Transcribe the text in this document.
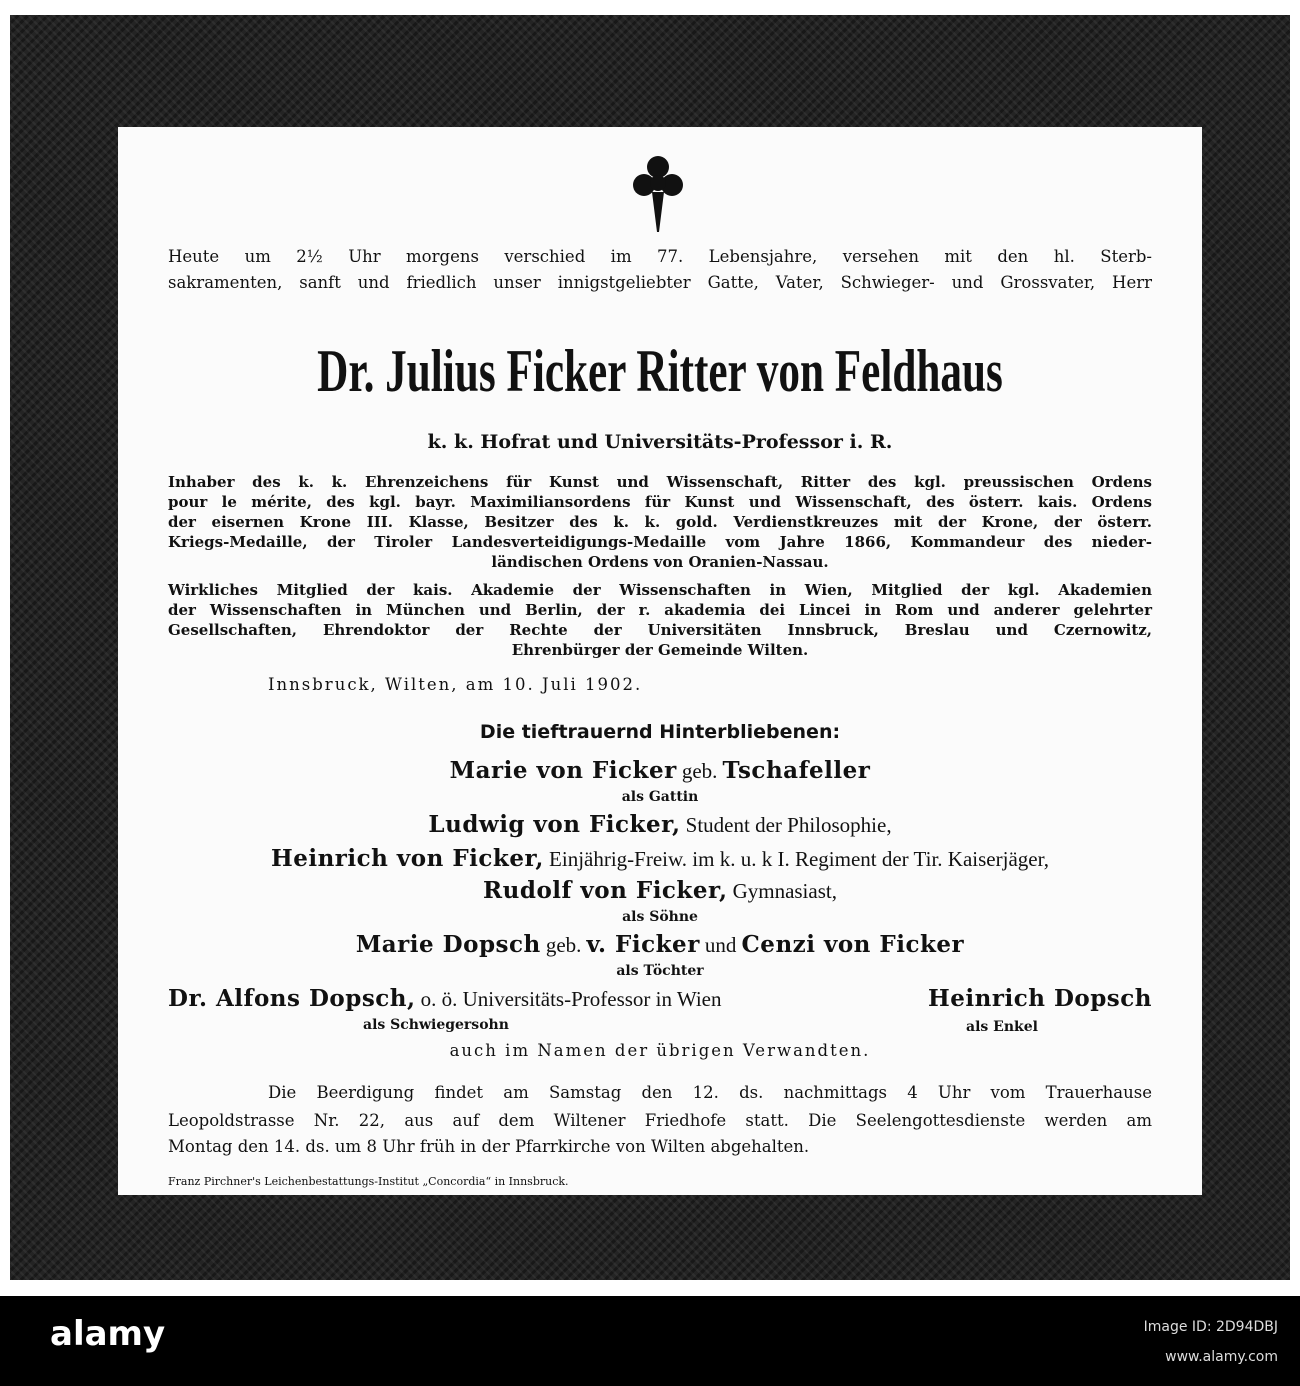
Heute um 2½ Uhr morgens verschied im 77. Lebensjahre, versehen mit den hl. Sterb-
sakramenten, sanft und friedlich unser innigstgeliebter Gatte, Vater, Schwieger- und Grossvater, Herr
Dr. Julius Ficker Ritter von Feldhaus
k. k. Hofrat und Universitäts-Professor i. R.
Inhaber des k. k. Ehrenzeichens für Kunst und Wissenschaft, Ritter des kgl. preussischen Ordens
pour le mérite, des kgl. bayr. Maximiliansordens für Kunst und Wissenschaft, des österr. kais. Ordens
der eisernen Krone III. Klasse, Besitzer des k. k. gold. Verdienstkreuzes mit der Krone, der österr.
Kriegs-Medaille, der Tiroler Landesverteidigungs-Medaille vom Jahre 1866, Kommandeur des nieder-
ländischen Ordens von Oranien-Nassau.
Wirkliches Mitglied der kais. Akademie der Wissenschaften in Wien, Mitglied der kgl. Akademien
der Wissenschaften in München und Berlin, der r. akademia dei Lincei in Rom und anderer gelehrter
Gesellschaften, Ehrendoktor der Rechte der Universitäten Innsbruck, Breslau und Czernowitz,
Ehrenbürger der Gemeinde Wilten.
Innsbruck, Wilten, am 10. Juli 1902.
Die tieftrauernd Hinterbliebenen:
Marie von Ficker geb. Tschafeller
als Gattin
Ludwig von Ficker, Student der Philosophie,
Heinrich von Ficker, Einjährig-Freiw. im k. u. k I. Regiment der Tir. Kaiserjäger,
Rudolf von Ficker, Gymnasiast,
als Söhne
Marie Dopsch geb. v. Ficker und Cenzi von Ficker
als Töchter
Dr. Alfons Dopsch, o. ö. Universitäts-Professor in Wien	Heinrich Dopsch
als Schwiegersohn	als Enkel
auch im Namen der übrigen Verwandten.
Die Beerdigung findet am Samstag den 12. ds. nachmittags 4 Uhr vom Trauerhause
Leopoldstrasse Nr. 22, aus auf dem Wiltener Friedhofe statt. Die Seelengottesdienste werden am
Montag den 14. ds. um 8 Uhr früh in der Pfarrkirche von Wilten abgehalten.
Franz Pirchner's Leichenbestattungs-Institut „Concordia“ in Innsbruck.
alamy	Image ID: 2D94DBJ
www.alamy.com
